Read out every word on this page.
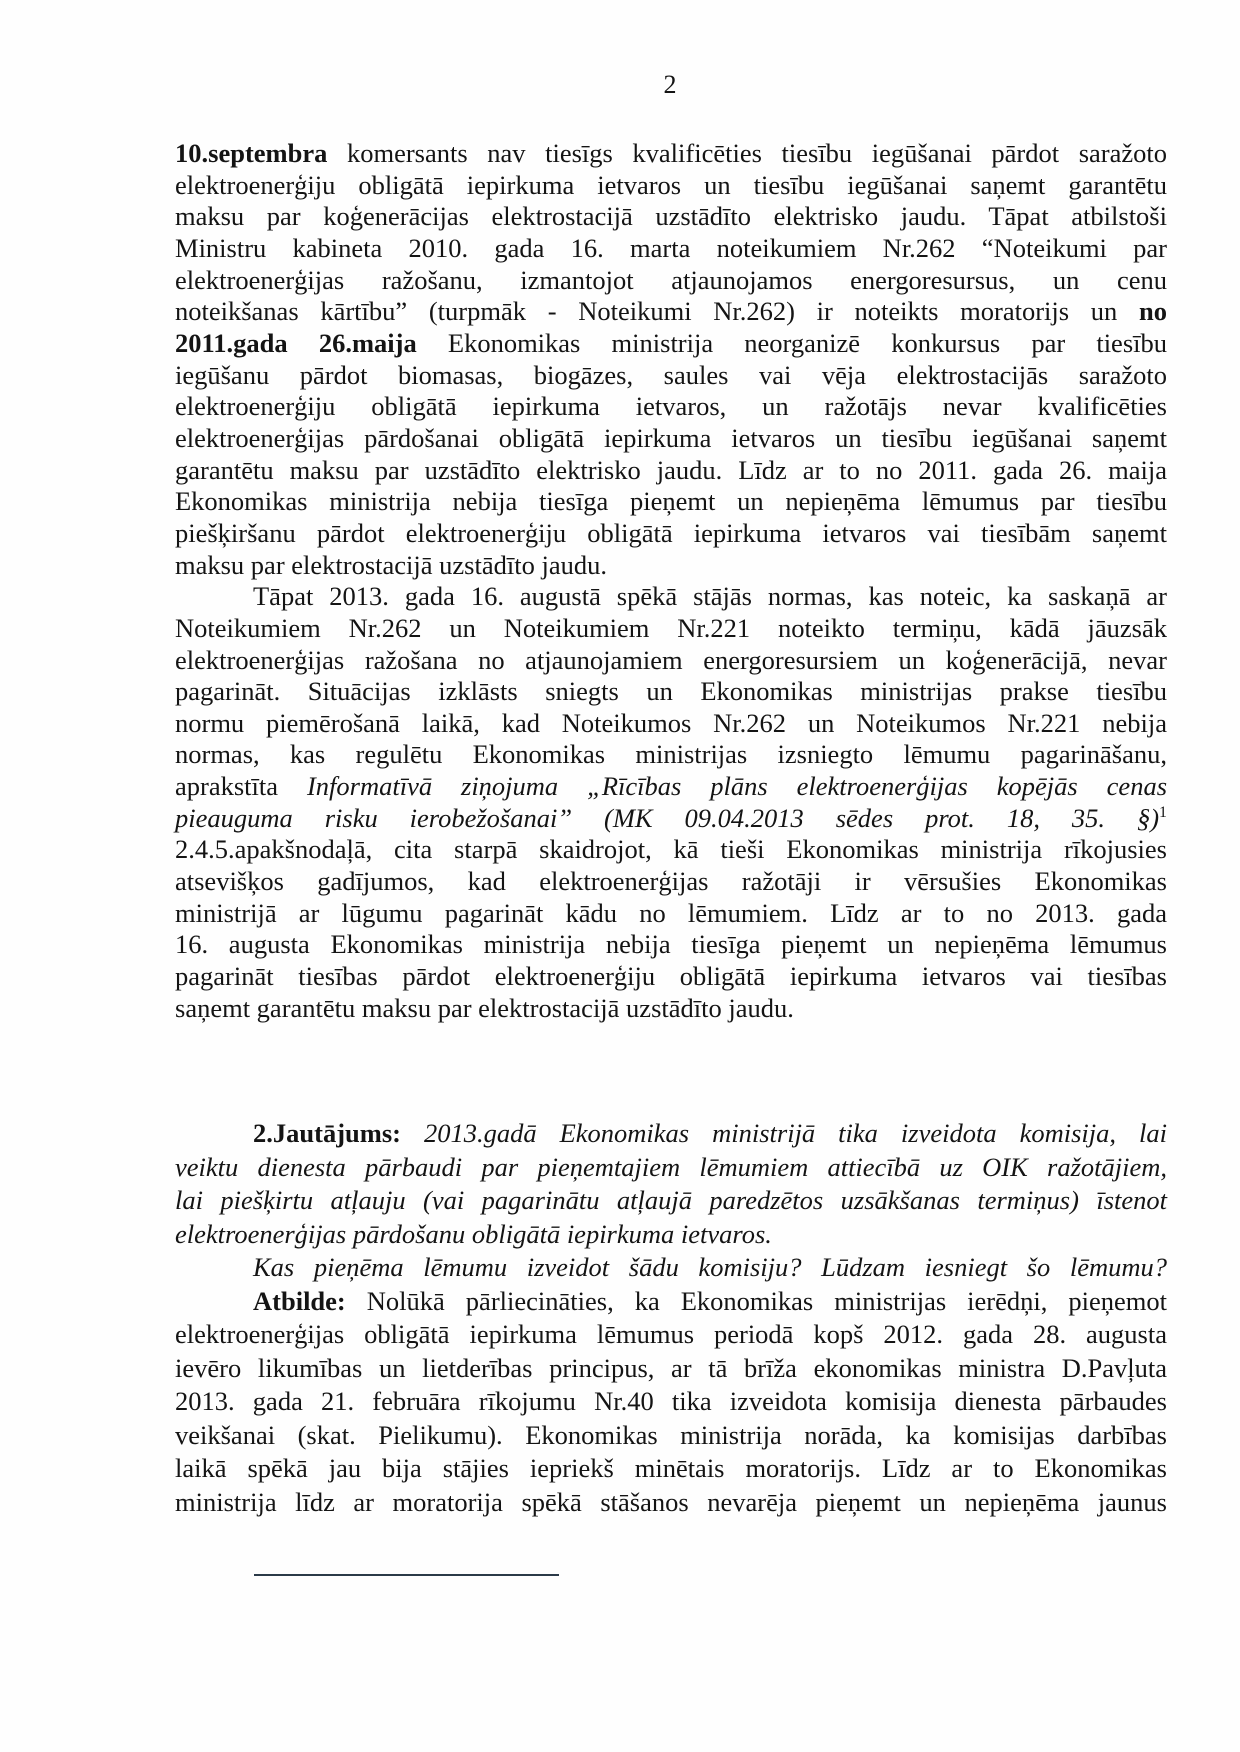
2
10.septembra komersants nav tiesīgs kvalificēties tiesību iegūšanai pārdot saražoto
elektroenerģiju obligātā iepirkuma ietvaros un tiesību iegūšanai saņemt garantētu
maksu par koģenerācijas elektrostacijā uzstādīto elektrisko jaudu. Tāpat atbilstoši
Ministru kabineta 2010. gada 16. marta noteikumiem Nr.262 “Noteikumi par
elektroenerģijas ražošanu, izmantojot atjaunojamos energoresursus, un cenu
noteikšanas kārtību” (turpmāk - Noteikumi Nr.262) ir noteikts moratorijs un no
2011.gada 26.maija Ekonomikas ministrija neorganizē konkursus par tiesību
iegūšanu pārdot biomasas, biogāzes, saules vai vēja elektrostacijās saražoto
elektroenerģiju obligātā iepirkuma ietvaros, un ražotājs nevar kvalificēties
elektroenerģijas pārdošanai obligātā iepirkuma ietvaros un tiesību iegūšanai saņemt
garantētu maksu par uzstādīto elektrisko jaudu. Līdz ar to no 2011. gada 26. maija
Ekonomikas ministrija nebija tiesīga pieņemt un nepieņēma lēmumus par tiesību
piešķiršanu pārdot elektroenerģiju obligātā iepirkuma ietvaros vai tiesībām saņemt
maksu par elektrostacijā uzstādīto jaudu.
Tāpat 2013. gada 16. augustā spēkā stājās normas, kas noteic, ka saskaņā ar
Noteikumiem Nr.262 un Noteikumiem Nr.221 noteikto termiņu, kādā jāuzsāk
elektroenerģijas ražošana no atjaunojamiem energoresursiem un koģenerācijā, nevar
pagarināt. Situācijas izklāsts sniegts un Ekonomikas ministrijas prakse tiesību
normu piemērošanā laikā, kad Noteikumos Nr.262 un Noteikumos Nr.221 nebija
normas, kas regulētu Ekonomikas ministrijas izsniegto lēmumu pagarināšanu,
aprakstīta Informatīvā ziņojuma „Rīcības plāns elektroenerģijas kopējās cenas
pieauguma risku ierobežošanai” (MK 09.04.2013 sēdes prot. 18, 35. §)$^1$
2.4.5.apakšnodaļā, cita starpā skaidrojot, kā tieši Ekonomikas ministrija rīkojusies
atsevišķos gadījumos, kad elektroenerģijas ražotāji ir vērsušies Ekonomikas
ministrijā ar lūgumu pagarināt kādu no lēmumiem. Līdz ar to no 2013. gada
16. augusta Ekonomikas ministrija nebija tiesīga pieņemt un nepieņēma lēmumus
pagarināt tiesības pārdot elektroenerģiju obligātā iepirkuma ietvaros vai tiesības
saņemt garantētu maksu par elektrostacijā uzstādīto jaudu.
2.Jautājums: 2013.gadā Ekonomikas ministrijā tika izveidota komisija, lai
veiktu dienesta pārbaudi par pieņemtajiem lēmumiem attiecībā uz OIK ražotājiem,
lai piešķirtu atļauju (vai pagarinātu atļaujā paredzētos uzsākšanas termiņus) īstenot
elektroenerģijas pārdošanu obligātā iepirkuma ietvaros.
Kas pieņēma lēmumu izveidot šādu komisiju? Lūdzam iesniegt šo lēmumu?
Atbilde: Nolūkā pārliecināties, ka Ekonomikas ministrijas ierēdņi, pieņemot
elektroenerģijas obligātā iepirkuma lēmumus periodā kopš 2012. gada 28. augusta
ievēro likumības un lietderības principus, ar tā brīža ekonomikas ministra D.Pavļuta
2013. gada 21. februāra rīkojumu Nr.40 tika izveidota komisija dienesta pārbaudes
veikšanai (skat. Pielikumu). Ekonomikas ministrija norāda, ka komisijas darbības
laikā spēkā jau bija stājies iepriekš minētais moratorijs. Līdz ar to Ekonomikas
ministrija līdz ar moratorija spēkā stāšanos nevarēja pieņemt un nepieņēma jaunus
